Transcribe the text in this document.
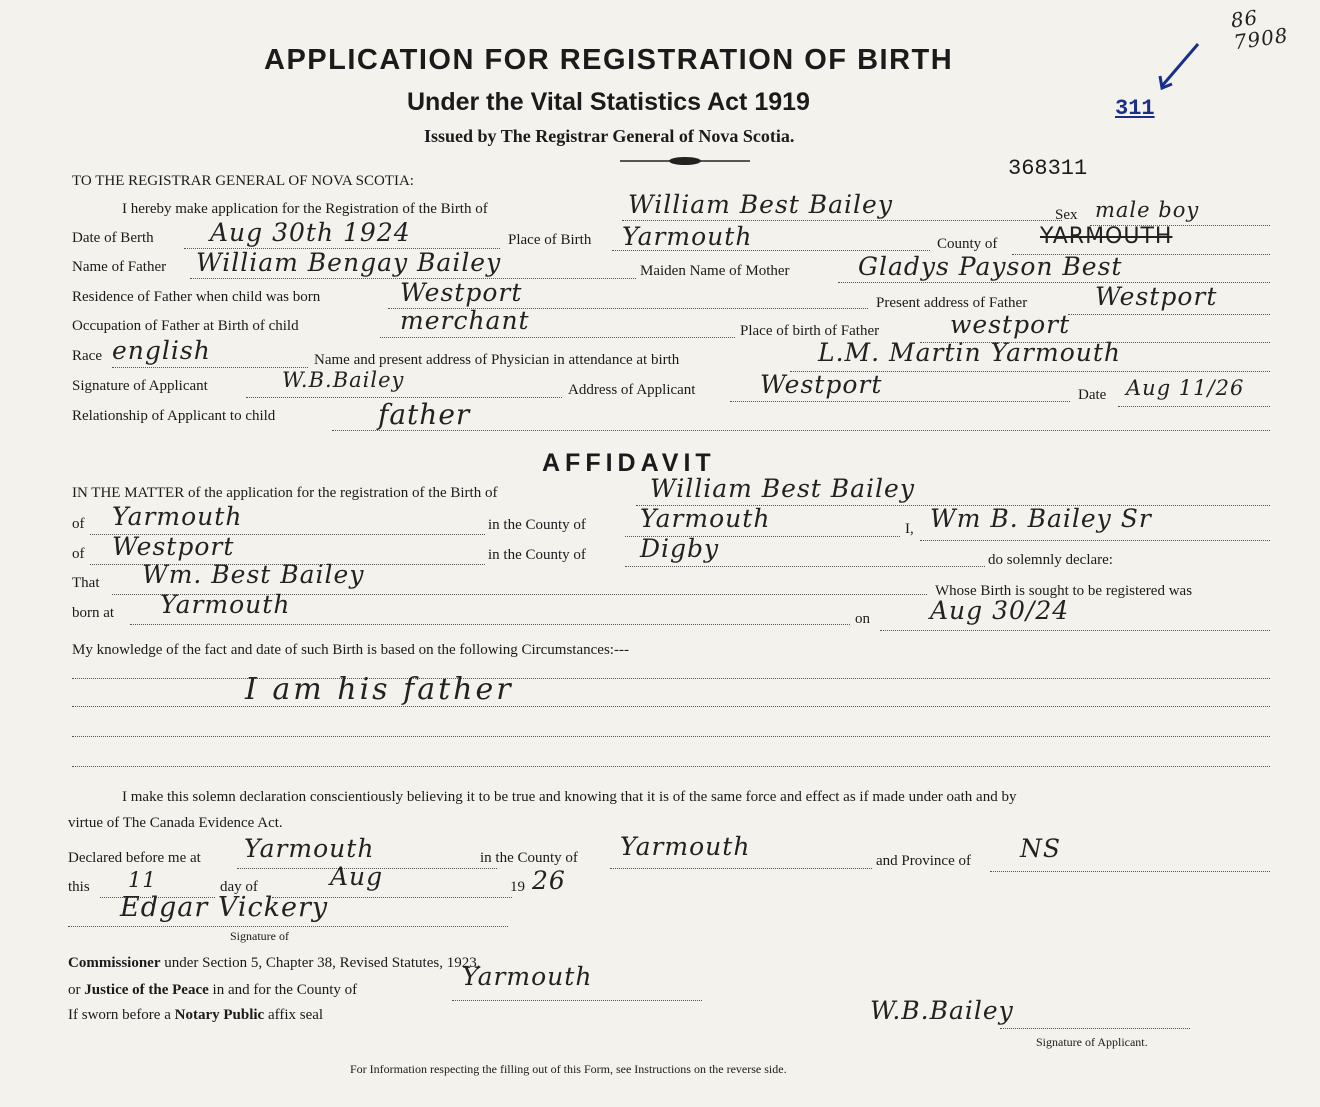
APPLICATION FOR REGISTRATION OF BIRTH
Under the Vital Statistics Act 1919
Issued by The Registrar General of Nova Scotia.
86 7908
311
368311
TO THE REGISTRAR GENERAL OF NOVA SCOTIA:
I hereby make application for the Registration of the Birth of	William Best Bailey	Sex male boy
Date of Berth Aug 30th 1924	Place of Birth Yarmouth	County of YARMOUTH
Name of Father William Bengay Bailey	Maiden Name of Mother	Gladys Payson Best
Residence of Father when child was born	Westport	Present address of Father	Westport
Occupation of Father at Birth of child	merchant	Place of birth of Father	westport
Race english	Name and present address of Physician in attendance at birth	L.M. Martin Yarmouth
Signature of Applicant	W.B.Bailey	Address of Applicant	Westport	Date Aug 11/26
Relationship of Applicant to child	father
AFFIDAVIT
IN THE MATTER of the application for the registration of the Birth of	William Best Bailey
of Yarmouth	in the County of Yarmouth	I, Wm B. Bailey Sr
of Westport	in the County of Digby	do solemnly declare:
That Wm. Best Bailey
Whose Birth is sought to be registered was
born at Yarmouth	on Aug 30/24
My knowledge of the fact and date of such Birth is based on the following Circumstances:---
I am his father
I make this solemn declaration conscientiously believing it to be true and knowing that it is of the same force and effect as if made under oath and by
virtue of The Canada Evidence Act.
Declared before me at Yarmouth	in the County of Yarmouth	and Province of NS
this 11	day of	Aug	19 26
Edgar Vickery
Signature of
Commissioner under Section 5, Chapter 38, Revised Statutes, 1923,
or Justice of the Peace in and for the County of	Yarmouth
If sworn before a Notary Public affix seal	W.B.Bailey
Signature of Applicant.
For Information respecting the filling out of this Form, see Instructions on the reverse side.
